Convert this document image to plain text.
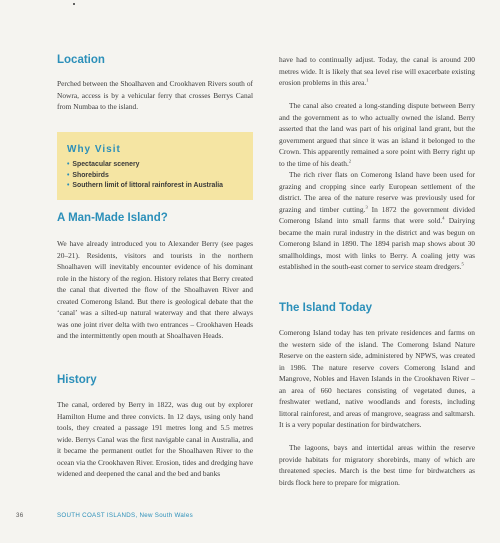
Location

Perched between the Shoalhaven and Crookhaven Rivers south of Nowra, access is by a vehicular ferry that crosses Berrys Canal from Numbaa to the island.

Why Visit
• Spectacular scenery
• Shorebirds
• Southern limit of littoral rainforest in Australia
A Man-Made Island?

We have already introduced you to Alexander Berry (see pages 20–21). Residents, visitors and tourists in the northern Shoalhaven will inevitably encounter evidence of his dominant role in the history of the region. History relates that Berry created the canal that diverted the flow of the Shoalhaven River and created Comerong Island. But there is geological debate that the ‘canal’ was a silted-up natural waterway and that there always was one joint river delta with two entrances – Crookhaven Heads and the intermittently open mouth at Shoalhaven Heads.

History

The canal, ordered by Berry in 1822, was dug out by explorer Hamilton Hume and three convicts. In 12 days, using only hand tools, they created a passage 191 metres long and 5.5 metres wide. Berrys Canal was the first navigable canal in Australia, and it became the permanent outlet for the Shoalhaven River to the ocean via the Crookhaven River. Erosion, tides and dredging have widened and deepened the canal and the bed and banks

have had to continually adjust. Today, the canal is around 200 metres wide. It is likely that sea level rise will exacerbate existing erosion problems in this area.$^1$

The canal also created a long-standing dispute between Berry and the government as to who actually owned the island. Berry asserted that the land was part of his original land grant, but the government argued that since it was an island it belonged to the Crown. This apparently remained a sore point with Berry right up to the time of his death.$^2$

The rich river flats on Comerong Island have been used for grazing and cropping since early European settlement of the district. The area of the nature reserve was previously used for grazing and timber cutting.$^3$ In 1872 the government divided Comerong Island into small farms that were sold.$^4$ Dairying became the main rural industry in the district and was begun on Comerong Island in 1890. The 1894 parish map shows about 30 smallholdings, most with links to Berry. A coaling jetty was established in the south-east corner to service steam dredgers.$^5$

The Island Today

Comerong Island today has ten private residences and farms on the western side of the island. The Comerong Island Nature Reserve on the eastern side, administered by NPWS, was created in 1986. The nature reserve covers Comerong Island and Mangrove, Nobles and Haven Islands in the Crookhaven River – an area of 660 hectares consisting of vegetated dunes, a freshwater wetland, native woodlands and forests, including littoral rainforest, and areas of mangrove, seagrass and saltmarsh. It is a very popular destination for birdwatchers.

The lagoons, bays and intertidal areas within the reserve provide habitats for migratory shorebirds, many of which are threatened species. March is the best time for birdwatchers as birds flock here to prepare for migration.

36	SOUTH COAST ISLANDS, New South Wales
